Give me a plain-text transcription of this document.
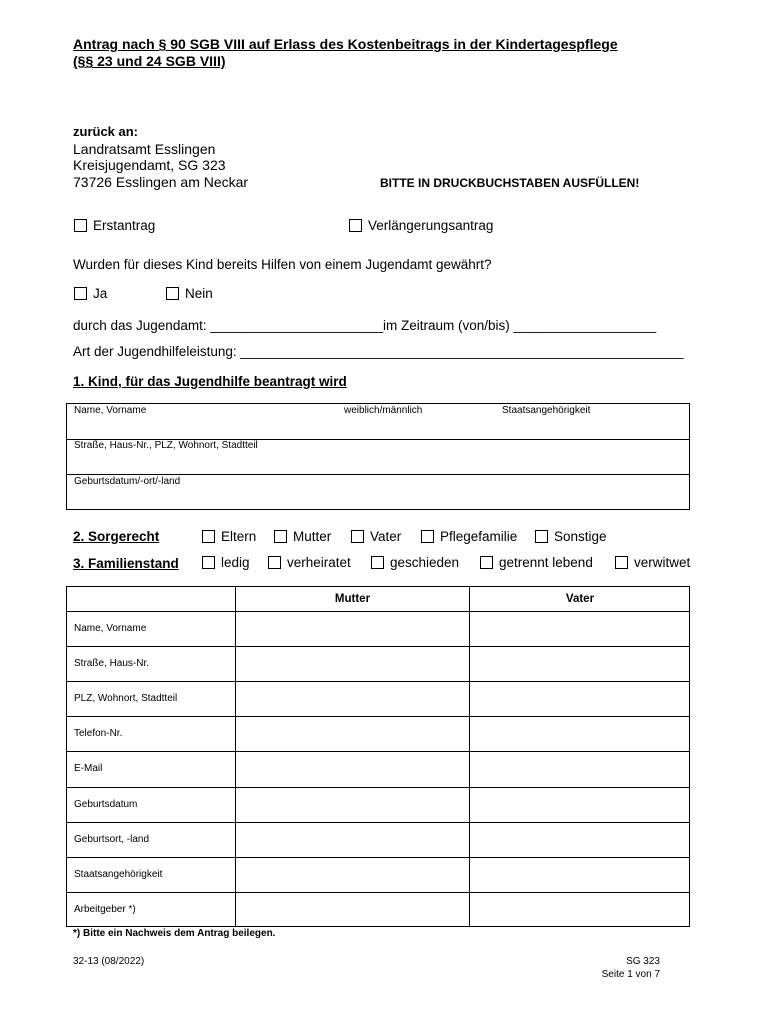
Antrag nach § 90 SGB VIII auf Erlass des Kostenbeitrags in der Kindertagespflege
(§§ 23 und 24 SGB VIII)
zurück an:
Landratsamt Esslingen
Kreisjugendamt, SG 323
73726 Esslingen am Neckar	BITTE IN DRUCKBUCHSTABEN AUSFÜLLEN!
Erstantrag	Verlängerungsantrag
Wurden für dieses Kind bereits Hilfen von einem Jugendamt gewährt?
Ja	Nein
durch das Jugendamt: _______________________im Zeitraum (von/bis) ___________________
Art der Jugendhilfeleistung: ___________________________________________________________
1. Kind, für das Jugendhilfe beantragt wird
Name, Vorname	weiblich/männlich	Staatsangehörigkeit
Straße, Haus-Nr., PLZ, Wohnort, Stadtteil
Geburtsdatum/-ort/-land
2. Sorgerecht	Eltern	Mutter	Vater	Pflegefamilie	Sonstige
3. Familienstand	ledig	verheiratet	geschieden	getrennt lebend	verwitwet
Mutter	Vater
Name, Vorname
Straße, Haus-Nr.
PLZ, Wohnort, Stadtteil
Telefon-Nr.
E-Mail
Geburtsdatum
Geburtsort, -land
Staatsangehörigkeit
Arbeitgeber *)
*) Bitte ein Nachweis dem Antrag beilegen.
32-13 (08/2022)	SG 323
Seite 1 von 7
